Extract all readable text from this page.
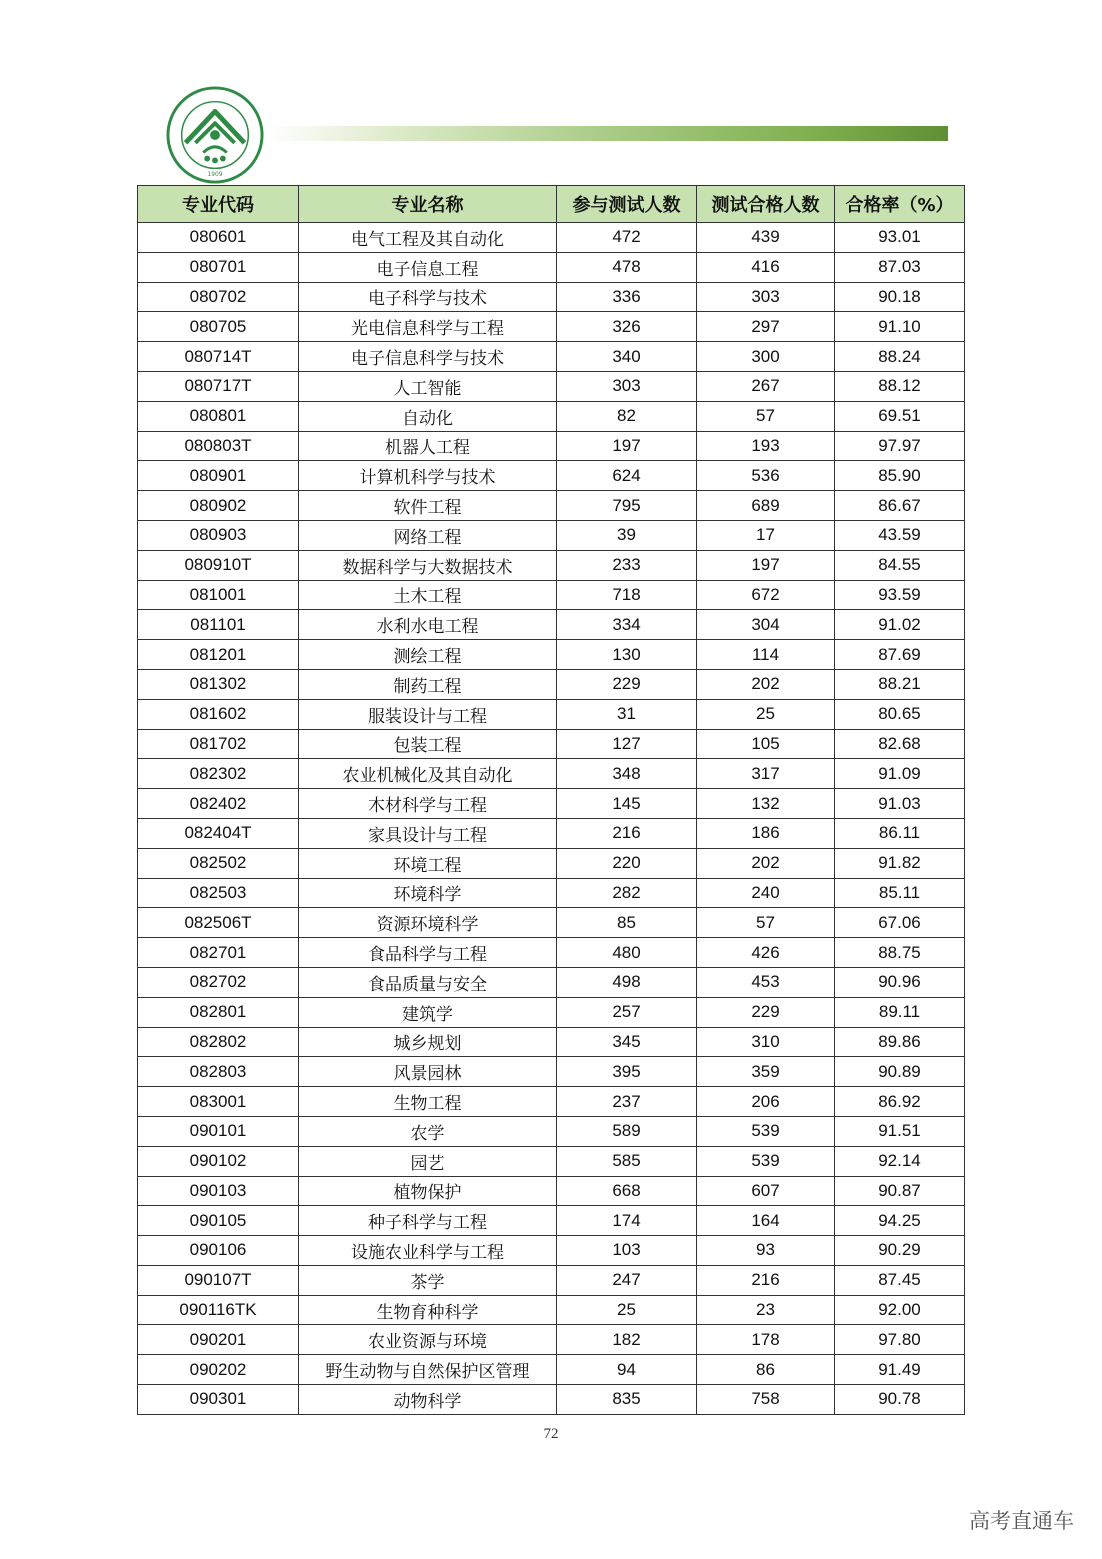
1909
专业代码	专业名称	参与测试人数	测试合格人数	合格率（%）
080601	电气工程及其自动化	472	439	93.01
080701	电子信息工程	478	416	87.03
080702	电子科学与技术	336	303	90.18
080705	光电信息科学与工程	326	297	91.10
080714T	电子信息科学与技术	340	300	88.24
080717T	人工智能	303	267	88.12
080801	自动化	82	57	69.51
080803T	机器人工程	197	193	97.97
080901	计算机科学与技术	624	536	85.90
080902	软件工程	795	689	86.67
080903	网络工程	39	17	43.59
080910T	数据科学与大数据技术	233	197	84.55
081001	土木工程	718	672	93.59
081101	水利水电工程	334	304	91.02
081201	测绘工程	130	114	87.69
081302	制药工程	229	202	88.21
081602	服装设计与工程	31	25	80.65
081702	包装工程	127	105	82.68
082302	农业机械化及其自动化	348	317	91.09
082402	木材科学与工程	145	132	91.03
082404T	家具设计与工程	216	186	86.11
082502	环境工程	220	202	91.82
082503	环境科学	282	240	85.11
082506T	资源环境科学	85	57	67.06
082701	食品科学与工程	480	426	88.75
082702	食品质量与安全	498	453	90.96
082801	建筑学	257	229	89.11
082802	城乡规划	345	310	89.86
082803	风景园林	395	359	90.89
083001	生物工程	237	206	86.92
090101	农学	589	539	91.51
090102	园艺	585	539	92.14
090103	植物保护	668	607	90.87
090105	种子科学与工程	174	164	94.25
090106	设施农业科学与工程	103	93	90.29
090107T	茶学	247	216	87.45
090116TK	生物育种科学	25	23	92.00
090201	农业资源与环境	182	178	97.80
090202	野生动物与自然保护区管理	94	86	91.49
090301	动物科学	835	758	90.78
72
高考直通车
